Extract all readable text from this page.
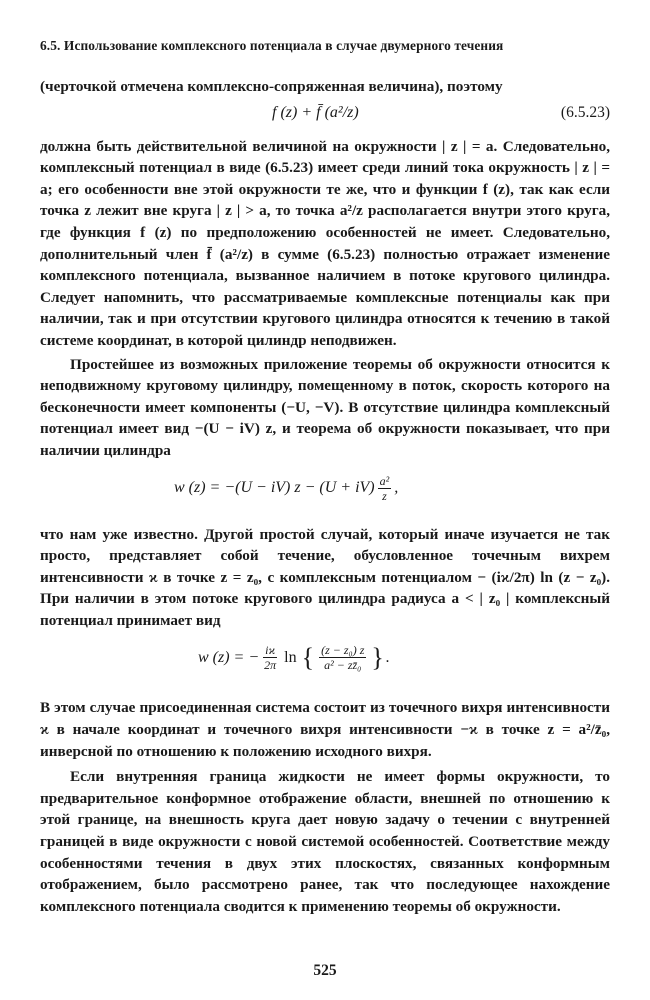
6.5. Использование комплексного потенциала в случае двумерного течения

(черточкой отмечена комплексно-сопряженная величина), поэтому

f (z) + f̄ (a²/z)	(6.5.23)

должна быть действительной величиной на окружности | z | = a. Следовательно, комплексный потенциал в виде (6.5.23) имеет среди линий тока окружность | z | = a; его особенности вне этой окружности те же, что и функции f (z), так как если точка z лежит вне круга | z | > a, то точка a²/z располагается внутри этого круга, где функция f (z) по предположению особенностей не имеет. Следовательно, дополнительный член f̄ (a²/z) в сумме (6.5.23) полностью отражает изменение комплексного потенциала, вызванное наличием в потоке кругового цилиндра. Следует напомнить, что рассматриваемые комплексные потенциалы как при наличии, так и при отсутствии кругового цилиндра относятся к течению в такой системе координат, в которой цилиндр неподвижен.

Простейшее из возможных приложение теоремы об окружности относится к неподвижному круговому цилиндру, помещенному в поток, скорость которого на бесконечности имеет компоненты (−U, −V). В отсутствие цилиндра комплексный потенциал имеет вид −(U − iV) z, и теорема об окружности показывает, что при наличии цилиндра

w (z) = −(U − iV) $z - (U + iV) \frac{\text{a²}}{z}$ ,

что нам уже известно. Другой простой случай, который иначе изучается не так просто, представляет собой течение, обусловленное точечным вихрем интенсивности ϰ в точке z = z₀, с комплексным потенциалом − (iϰ/2π) ln (z − z₀). При наличии в этом потоке кругового цилиндра радиуса a < | z₀ | комплексный потенциал принимает вид

w (z) = − $\frac{iϰ}{2\pi}$ ln { $\frac{\text{(z − z₀) z}}{\text{a² − zz̄₀}}$ } .

В этом случае присоединенная система состоит из точечного вихря интенсивности ϰ в начале координат и точечного вихря интенсивности −ϰ в точке z = a²/z̄₀, инверсной по отношению к положению исходного вихря.

Если внутренняя граница жидкости не имеет формы окружности, то предварительное конформное отображение области, внешней по отношению к этой границе, на внешность круга дает новую задачу о течении с внутренней границей в виде окружности с новой системой особенностей. Соответствие между особенностями течения в двух этих плоскостях, связанных конформным отображением, было рассмотрено ранее, так что последующее нахождение комплексного потенциала сводится к применению теоремы об окружности.

525
